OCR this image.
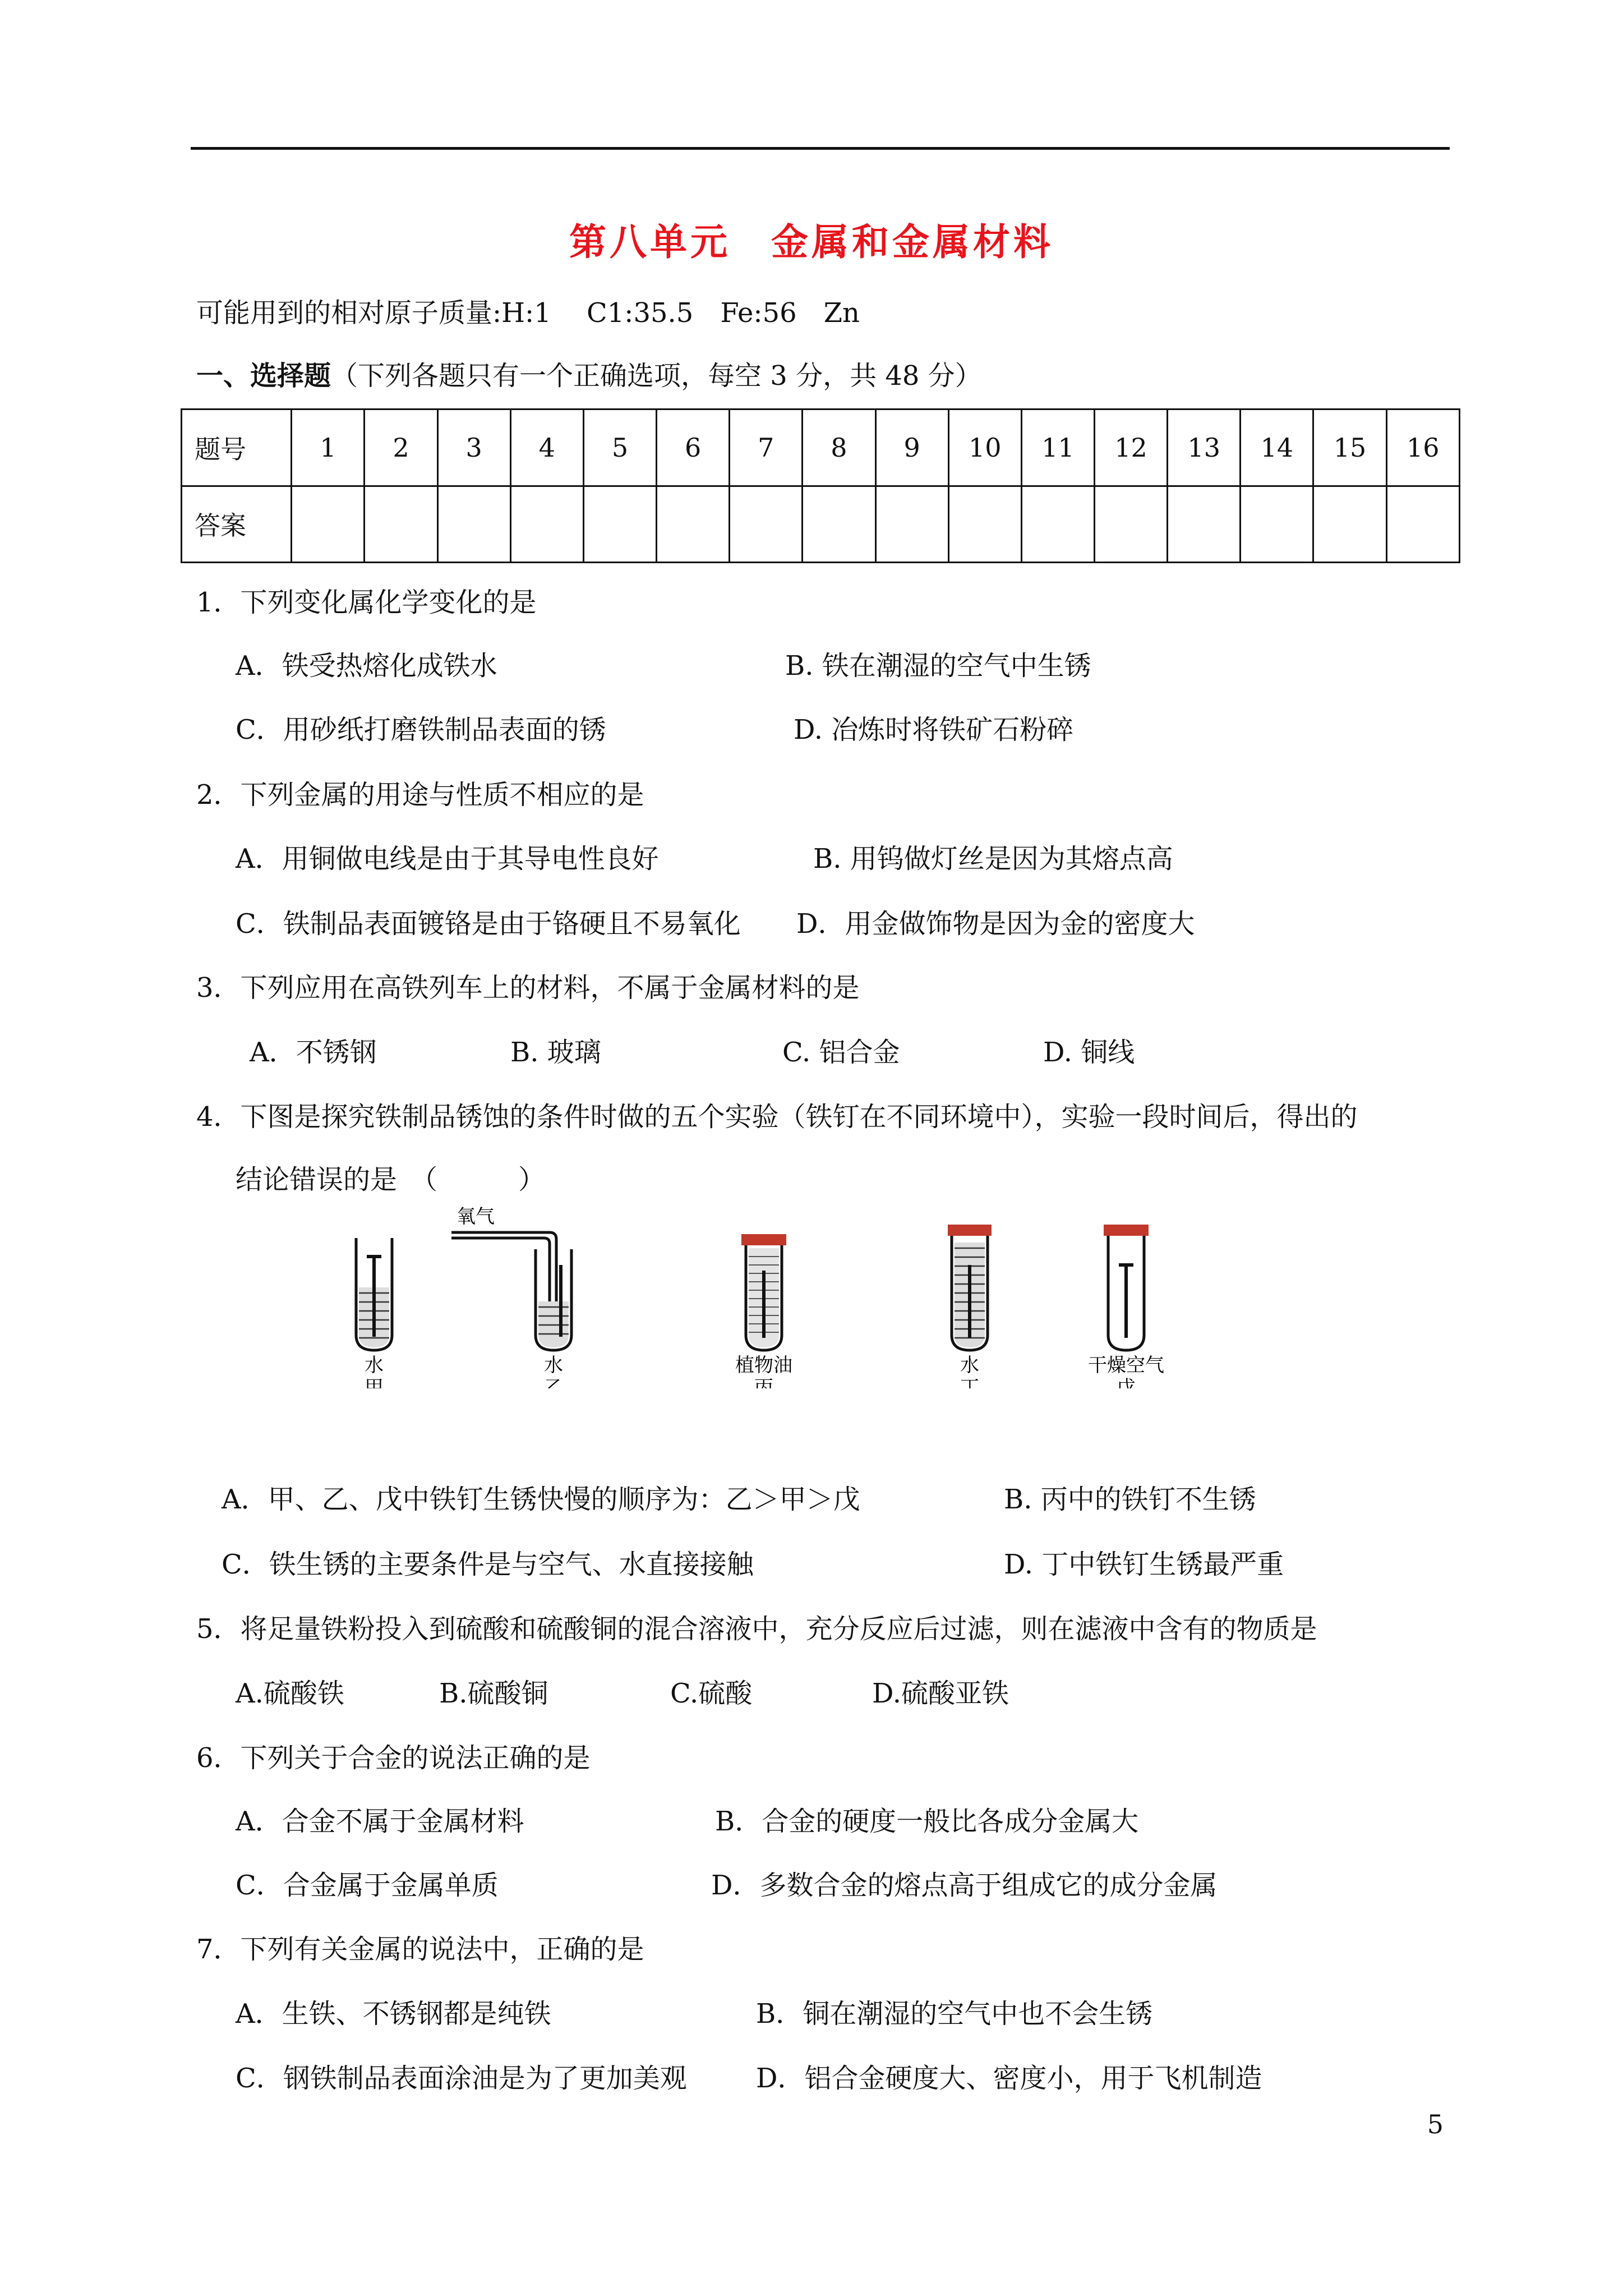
第八单元　金属和金属材料
可能用到的相对原子质量:H:1　 C1:35.5　Fe:56　Zn
一、选择题（下列各题只有一个正确选项，每空 3 分，共 48 分）
题号	1	2	3	4	5	6	7	8	9	10	11	12	13	14	15	16
答案																
1．下列变化属化学变化的是
A．铁受热熔化成铁水	B. 铁在潮湿的空气中生锈
C．用砂纸打磨铁制品表面的锈	D. 冶炼时将铁矿石粉碎
2．下列金属的用途与性质不相应的是
A．用铜做电线是由于其导电性良好	B. 用钨做灯丝是因为其熔点高
C．铁制品表面镀铬是由于铬硬且不易氧化 D．用金做饰物是因为金的密度大
3．下列应用在高铁列车上的材料，不属于金属材料的是
A．不锈钢	B. 玻璃	C. 铝合金	D. 铜线
4．下图是探究铁制品锈蚀的条件时做的五个实验（铁钉在不同环境中），实验一段时间后，得出的
结论错误的是　（　　　）
水
甲
氧气
水
乙
植物油
丙
水
丁
干燥空气
戊
A．甲、乙、戊中铁钉生锈快慢的顺序为：乙＞甲＞戊	B. 丙中的铁钉不生锈
C．铁生锈的主要条件是与空气、水直接接触	D. 丁中铁钉生锈最严重
5．将足量铁粉投入到硫酸和硫酸铜的混合溶液中，充分反应后过滤，则在滤液中含有的物质是
A.硫酸铁	B.硫酸铜	C.硫酸	D.硫酸亚铁
6．下列关于合金的说法正确的是
A．合金不属于金属材料	B．合金的硬度一般比各成分金属大
C．合金属于金属单质	D．多数合金的熔点高于组成它的成分金属
7．下列有关金属的说法中，正确的是
A．生铁、不锈钢都是纯铁	B．铜在潮湿的空气中也不会生锈
C．钢铁制品表面涂油是为了更加美观	D．铝合金硬度大、密度小，用于飞机制造
5
